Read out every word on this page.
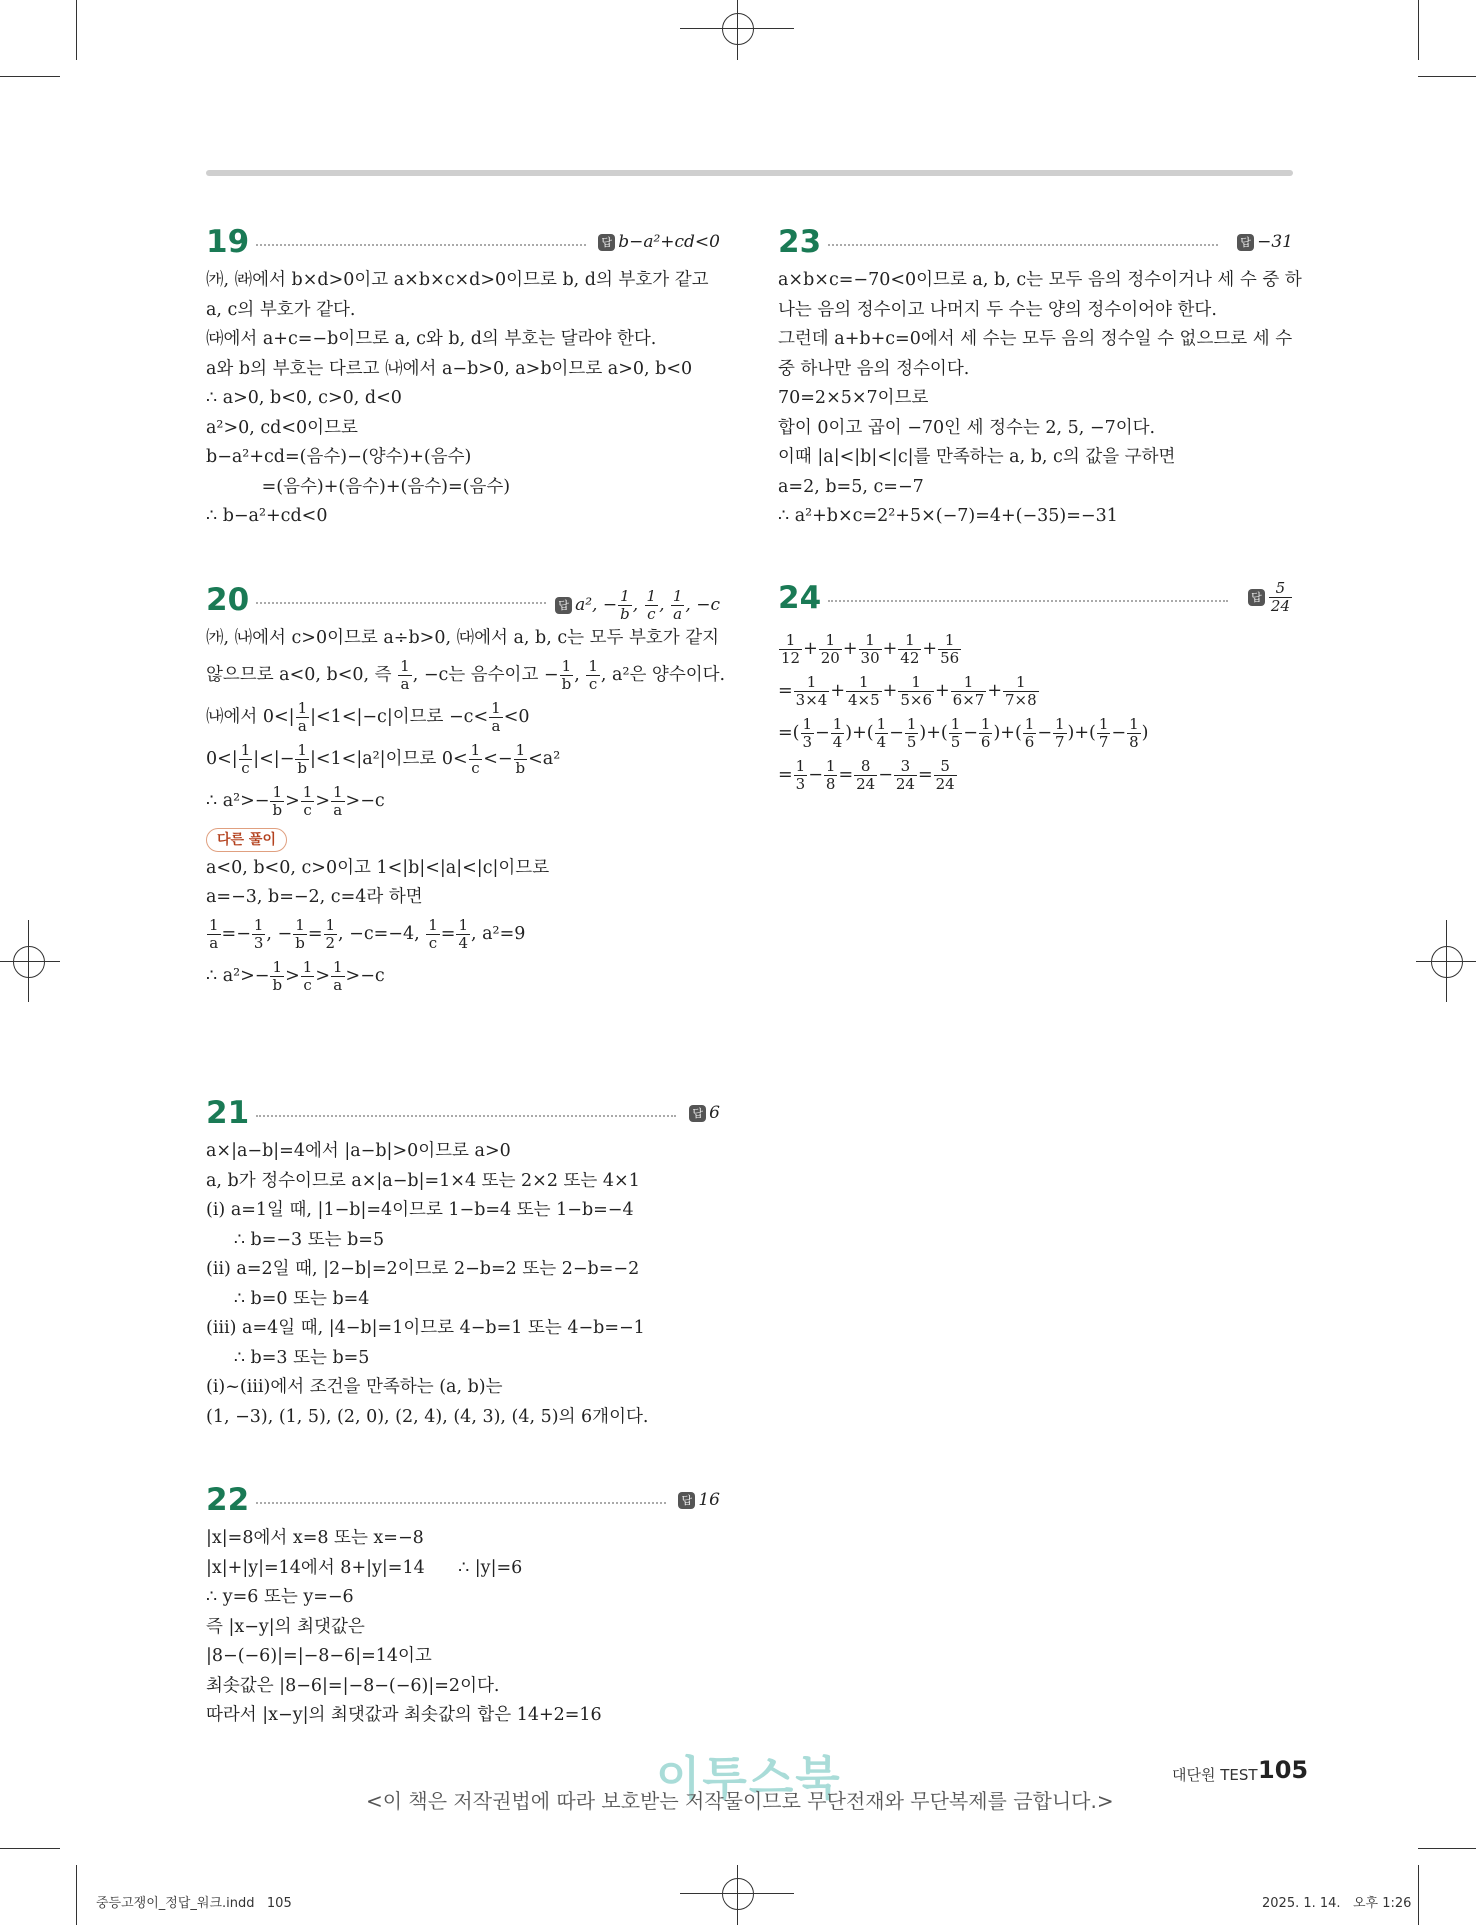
19	답 b−a²+cd<0
㈎, ㈑에서 b×d>0이고 a×b×c×d>0이므로 b, d의 부호가 같고
a, c의 부호가 같다.
㈐에서 a+c=−b이므로 a, c와 b, d의 부호는 달라야 한다.
a와 b의 부호는 다르고 ㈏에서 a−b>0, a>b이므로 a>0, b<0
∴ a>0, b<0, c>0, d<0
a²>0, cd<0이므로
b−a²+cd=(음수)−(양수)+(음수)
=(음수)+(음수)+(음수)=(음수)
∴ b−a²+cd<0
20	답 a², − $\frac{1}{b}$ , $\frac{1}{c}$ , $\frac{1}{a}$ , −c
㈎, ㈏에서 c>0이므로 a÷b>0, ㈐에서 a, b, c는 모두 부호가 같지
않으므로 a<0, b<0, 즉 $\frac{1}{a}$ , −c는 음수이고 − $\frac{1}{b}$ , $\frac{1}{c}$ , a²은 양수이다.
㈏에서 $0<| \frac{1}{a} |<1<|-c|$이므로 $-c< \frac{1}{a} <0$
$0<| \frac{1}{c}$ |<|− $\frac{1}{b} |<1<|a^2|$이므로 $0< \frac{1}{c} <- \frac{1}{b} <a^2$
∴ $a^2>- \frac{1}{b} > \frac{1}{c} > \frac{1}{a} >-c$
다른 풀이
a<0, b<0, c>0이고 1<|b|<|a|<|c|이므로
a=−3, b=−2, c=4라 하면
$\frac{1}{a} =- \frac{1}{3}$ , − $\frac{1}{b} = \frac{1}{2}$ , −c=−4, $\frac{1}{c} = \frac{1}{4}$ , a²=9
∴ $a^2>- \frac{1}{b} > \frac{1}{c} > \frac{1}{a} >-c$
21	답 6
a×|a−b|=4에서 |a−b|>0이므로 a>0
a, b가 정수이므로 a×|a−b|=1×4 또는 2×2 또는 4×1
(ⅰ) a=1일 때, |1−b|=4이므로 1−b=4 또는 1−b=−4
∴ b=−3 또는 b=5
(ⅱ) a=2일 때, |2−b|=2이므로 2−b=2 또는 2−b=−2
∴ b=0 또는 b=4
(ⅲ) a=4일 때, |4−b|=1이므로 4−b=1 또는 4−b=−1
∴ b=3 또는 b=5
(ⅰ)~(ⅲ)에서 조건을 만족하는 (a, b)는
(1, −3), (1, 5), (2, 0), (2, 4), (4, 3), (4, 5)의 6개이다.
22	답 16
|x|=8에서 x=8 또는 x=−8
|x|+|y|=14에서 8+|y|=14      ∴ |y|=6
∴ y=6 또는 y=−6
즉 |x−y|의 최댓값은
|8−(−6)|=|−8−6|=14이고
최솟값은 |8−6|=|−8−(−6)|=2이다.
따라서 |x−y|의 최댓값과 최솟값의 합은 14+2=16
23	답 −31
a×b×c=−70<0이므로 a, b, c는 모두 음의 정수이거나 세 수 중 하
나는 음의 정수이고 나머지 두 수는 양의 정수이어야 한다.
그런데 a+b+c=0에서 세 수는 모두 음의 정수일 수 없으므로 세 수
중 하나만 음의 정수이다.
70=2×5×7이므로
합이 0이고 곱이 −70인 세 정수는 2, 5, −7이다.
이때 |a|<|b|<|c|를 만족하는 a, b, c의 값을 구하면
a=2, b=5, c=−7
∴ a²+b×c=2²+5×(−7)=4+(−35)=−31
24	답 $\frac{5}{24}$
$\frac{1}{12} + \frac{1}{20} + \frac{1}{30} + \frac{1}{42} + \frac{1}{56}$
= $\frac{1}{3\times 4} + \frac{1}{4\times 5} + \frac{1}{5\times 6} + \frac{1}{6\times 7} + \frac{1}{7\times 8}$
=( $\frac{1}{3} - \frac{1}{4}$ )+( $\frac{1}{4} - \frac{1}{5}$ )+( $\frac{1}{5} - \frac{1}{6}$ )+( $\frac{1}{6} - \frac{1}{7}$ )+( $\frac{1}{7} - \frac{1}{8}$ )
= $\frac{1}{3} - \frac{1}{8} = \frac{8}{24} - \frac{3}{24} = \frac{5}{24}$
이투스북
<이 책은 저작권법에 따라 보호받는 저작물이므로 무단전재와 무단복제를 금합니다.>
대단원 TEST 105
중등고쟁이_정답_워크.indd   105	2025. 1. 14.   오후 1:26
